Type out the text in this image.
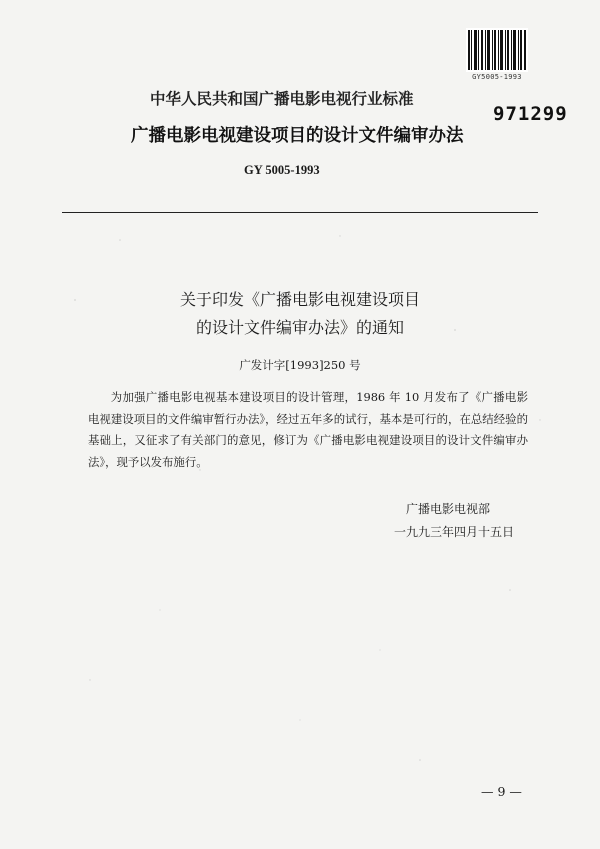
GY5005-1993
中华人民共和国广播电影电视行业标准
971299
广播电影电视建设项目的设计文件编审办法
GY 5005-1993
关于印发《广播电影电视建设项目
的设计文件编审办法》的通知
广发计字[1993]250 号

为加强广播电影电视基本建设项目的设计管理，1986 年 10 月发布了《广播电影电视建设项目的文件编审暂行办法》，经过五年多的试行，基本是可行的，在总结经验的基础上，又征求了有关部门的意见，修订为《广播电影电视建设项目的设计文件编审办法》，现予以发布施行。

广播电影电视部
一九九三年四月十五日
— 9 —
